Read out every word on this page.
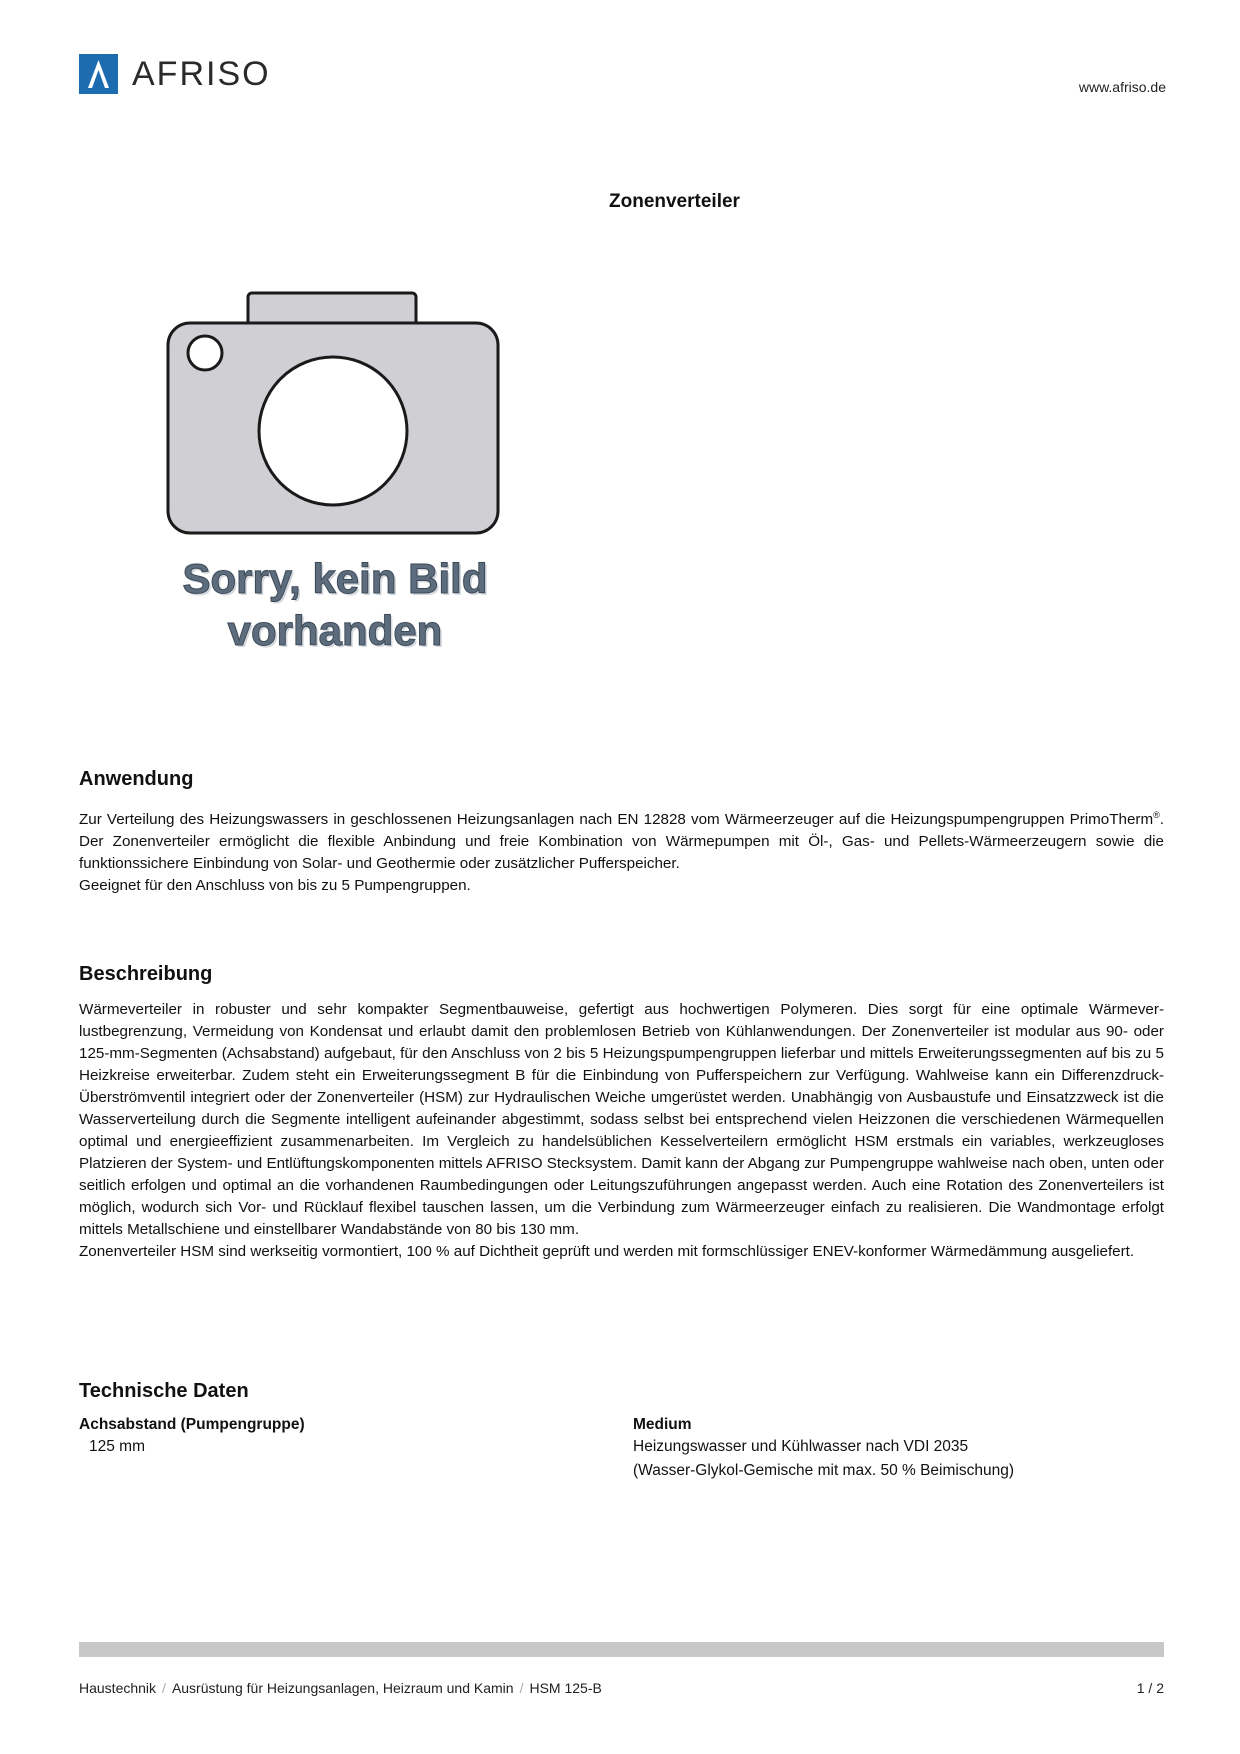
AFRISO	www.afriso.de
Zonenverteiler
Sorry, kein Bild
vorhanden
Anwendung

Zur Verteilung des Heizungswassers in geschlossenen Heizungsanlagen nach EN 12828 vom Wärmeerzeuger auf die Heizungspumpengruppen PrimoTherm®. Der Zonenverteiler ermöglicht die flexible Anbindung und freie Kombination von Wärmepumpen mit Öl-, Gas- und Pellets-Wärmeerzeugern sowie die funktionssichere Einbindung von Solar- und Geothermie oder zusätzlicher Pufferspeicher.

Geeignet für den Anschluss von bis zu 5 Pumpengruppen.

Beschreibung

Wärmeverteiler in robuster und sehr kompakter Segmentbauweise, gefertigt aus hochwertigen Polymeren. Dies sorgt für eine optimale Wärmeverlustbegrenzung, Vermeidung von Kondensat und erlaubt damit den problemlosen Betrieb von Kühlanwendungen. Der Zonenverteiler ist modular aus 90- oder 125-mm-Segmenten (Achsabstand) aufgebaut, für den Anschluss von 2 bis 5 Heizungspumpengruppen lieferbar und mittels Erweiterungssegmenten auf bis zu 5 Heizkreise erweiterbar. Zudem steht ein Erweiterungssegment B für die Einbindung von Pufferspeichern zur Verfügung. Wahlweise kann ein Differenzdruck-Überströmventil integriert oder der Zonenverteiler (HSM) zur Hydraulischen Weiche umgerüstet werden. Unabhängig von Ausbaustufe und Einsatzzweck ist die Wasserverteilung durch die Segmente intelligent aufeinander abgestimmt, sodass selbst bei entsprechend vielen Heizzonen die verschiedenen Wärmequellen optimal und energieeffizient zusammenarbeiten. Im Vergleich zu handelsüblichen Kesselverteilern ermöglicht HSM erstmals ein variables, werkzeugloses Platzieren der System- und Entlüftungskomponenten mittels AFRISO Stecksystem. Damit kann der Abgang zur Pumpengruppe wahlweise nach oben, unten oder seitlich erfolgen und optimal an die vorhandenen Raumbedingungen oder Leitungszuführungen angepasst werden. Auch eine Rotation des Zonenverteilers ist möglich, wodurch sich Vor- und Rücklauf flexibel tauschen lassen, um die Verbindung zum Wärmeerzeuger einfach zu realisieren. Die Wandmontage erfolgt mittels Metallschiene und einstellbarer Wandabstände von 80 bis 130 mm.

Zonenverteiler HSM sind werkseitig vormontiert, 100 % auf Dichtheit geprüft und werden mit formschlüssiger ENEV-konformer Wärmedämmung ausgeliefert.

Technische Daten
Achsabstand (Pumpengruppe)
125 mm
Medium
Heizungswasser und Kühlwasser nach VDI 2035
(Wasser-Glykol-Gemische mit max. 50 % Beimischung)
Haustechnik / Ausrüstung für Heizungsanlagen, Heizraum und Kamin / HSM 125-B	1 / 2
